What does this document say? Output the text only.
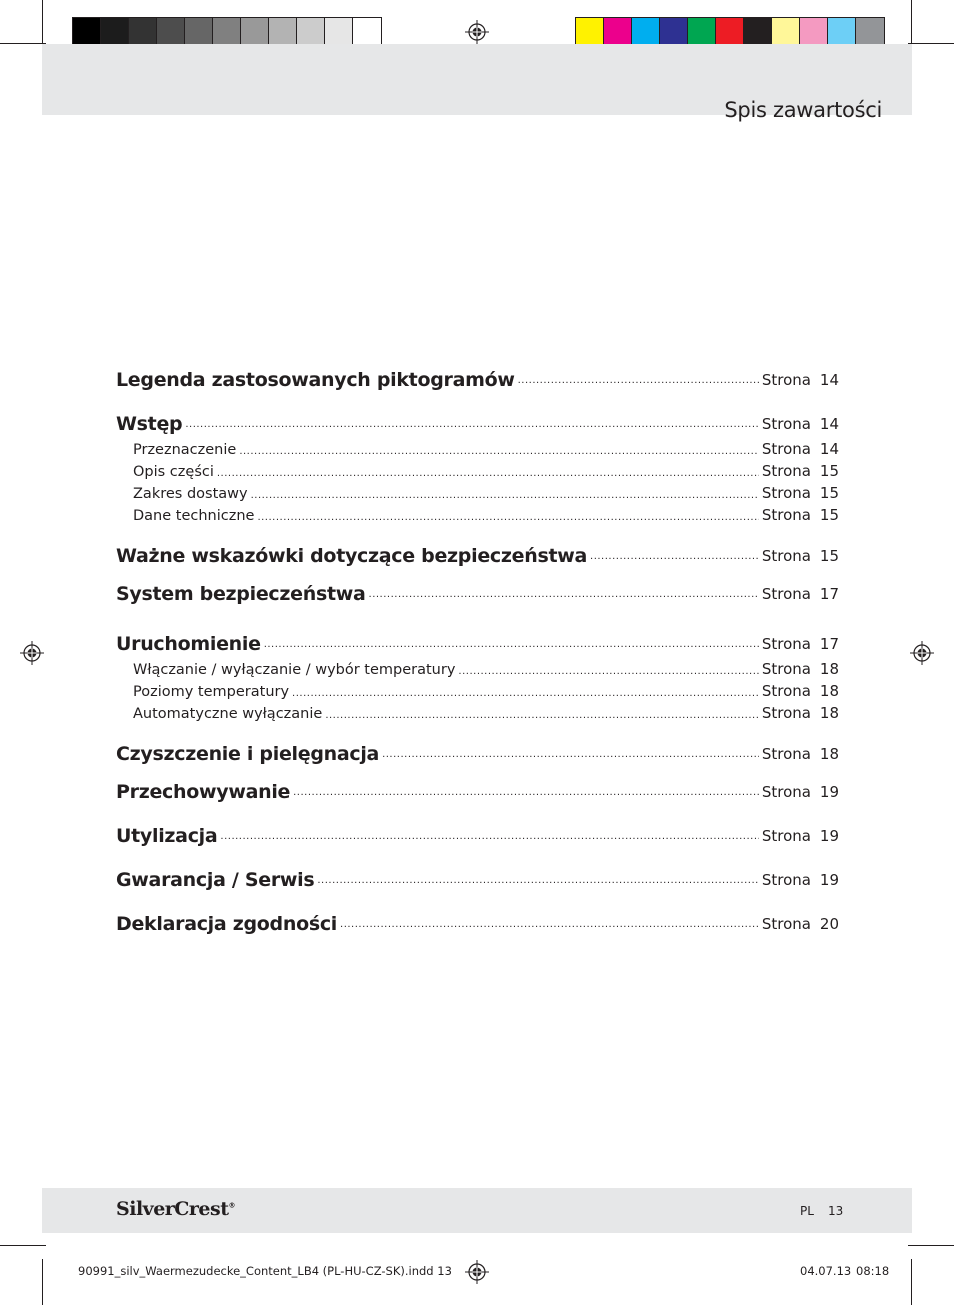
Spis zawartości
Legenda zastosowanych piktogramów .....	Strona 14
Wstęp .....	Strona 14
Przeznaczenie .....	Strona 14
Opis części .....	Strona 15
Zakres dostawy .....	Strona 15
Dane techniczne .....	Strona 15
Ważne wskazówki dotyczące bezpieczeństwa .....	Strona 15
System bezpieczeństwa .....	Strona 17
Uruchomienie .....	Strona 17
Włączanie / wyłączanie / wybór temperatury .....	Strona 18
Poziomy temperatury .....	Strona 18
Automatyczne wyłączanie .....	Strona 18
Czyszczenie i pielęgnacja .....	Strona 18
Przechowywanie .....	Strona 19
Utylizacja .....	Strona 19
Gwarancja / Serwis .....	Strona 19
Deklaracja zgodności .....	Strona 20
SilverCrest®	PL 13
90991_silv_Waermezudecke_Content_LB4 (PL-HU-CZ-SK).indd 13	04.07.13 08:18
